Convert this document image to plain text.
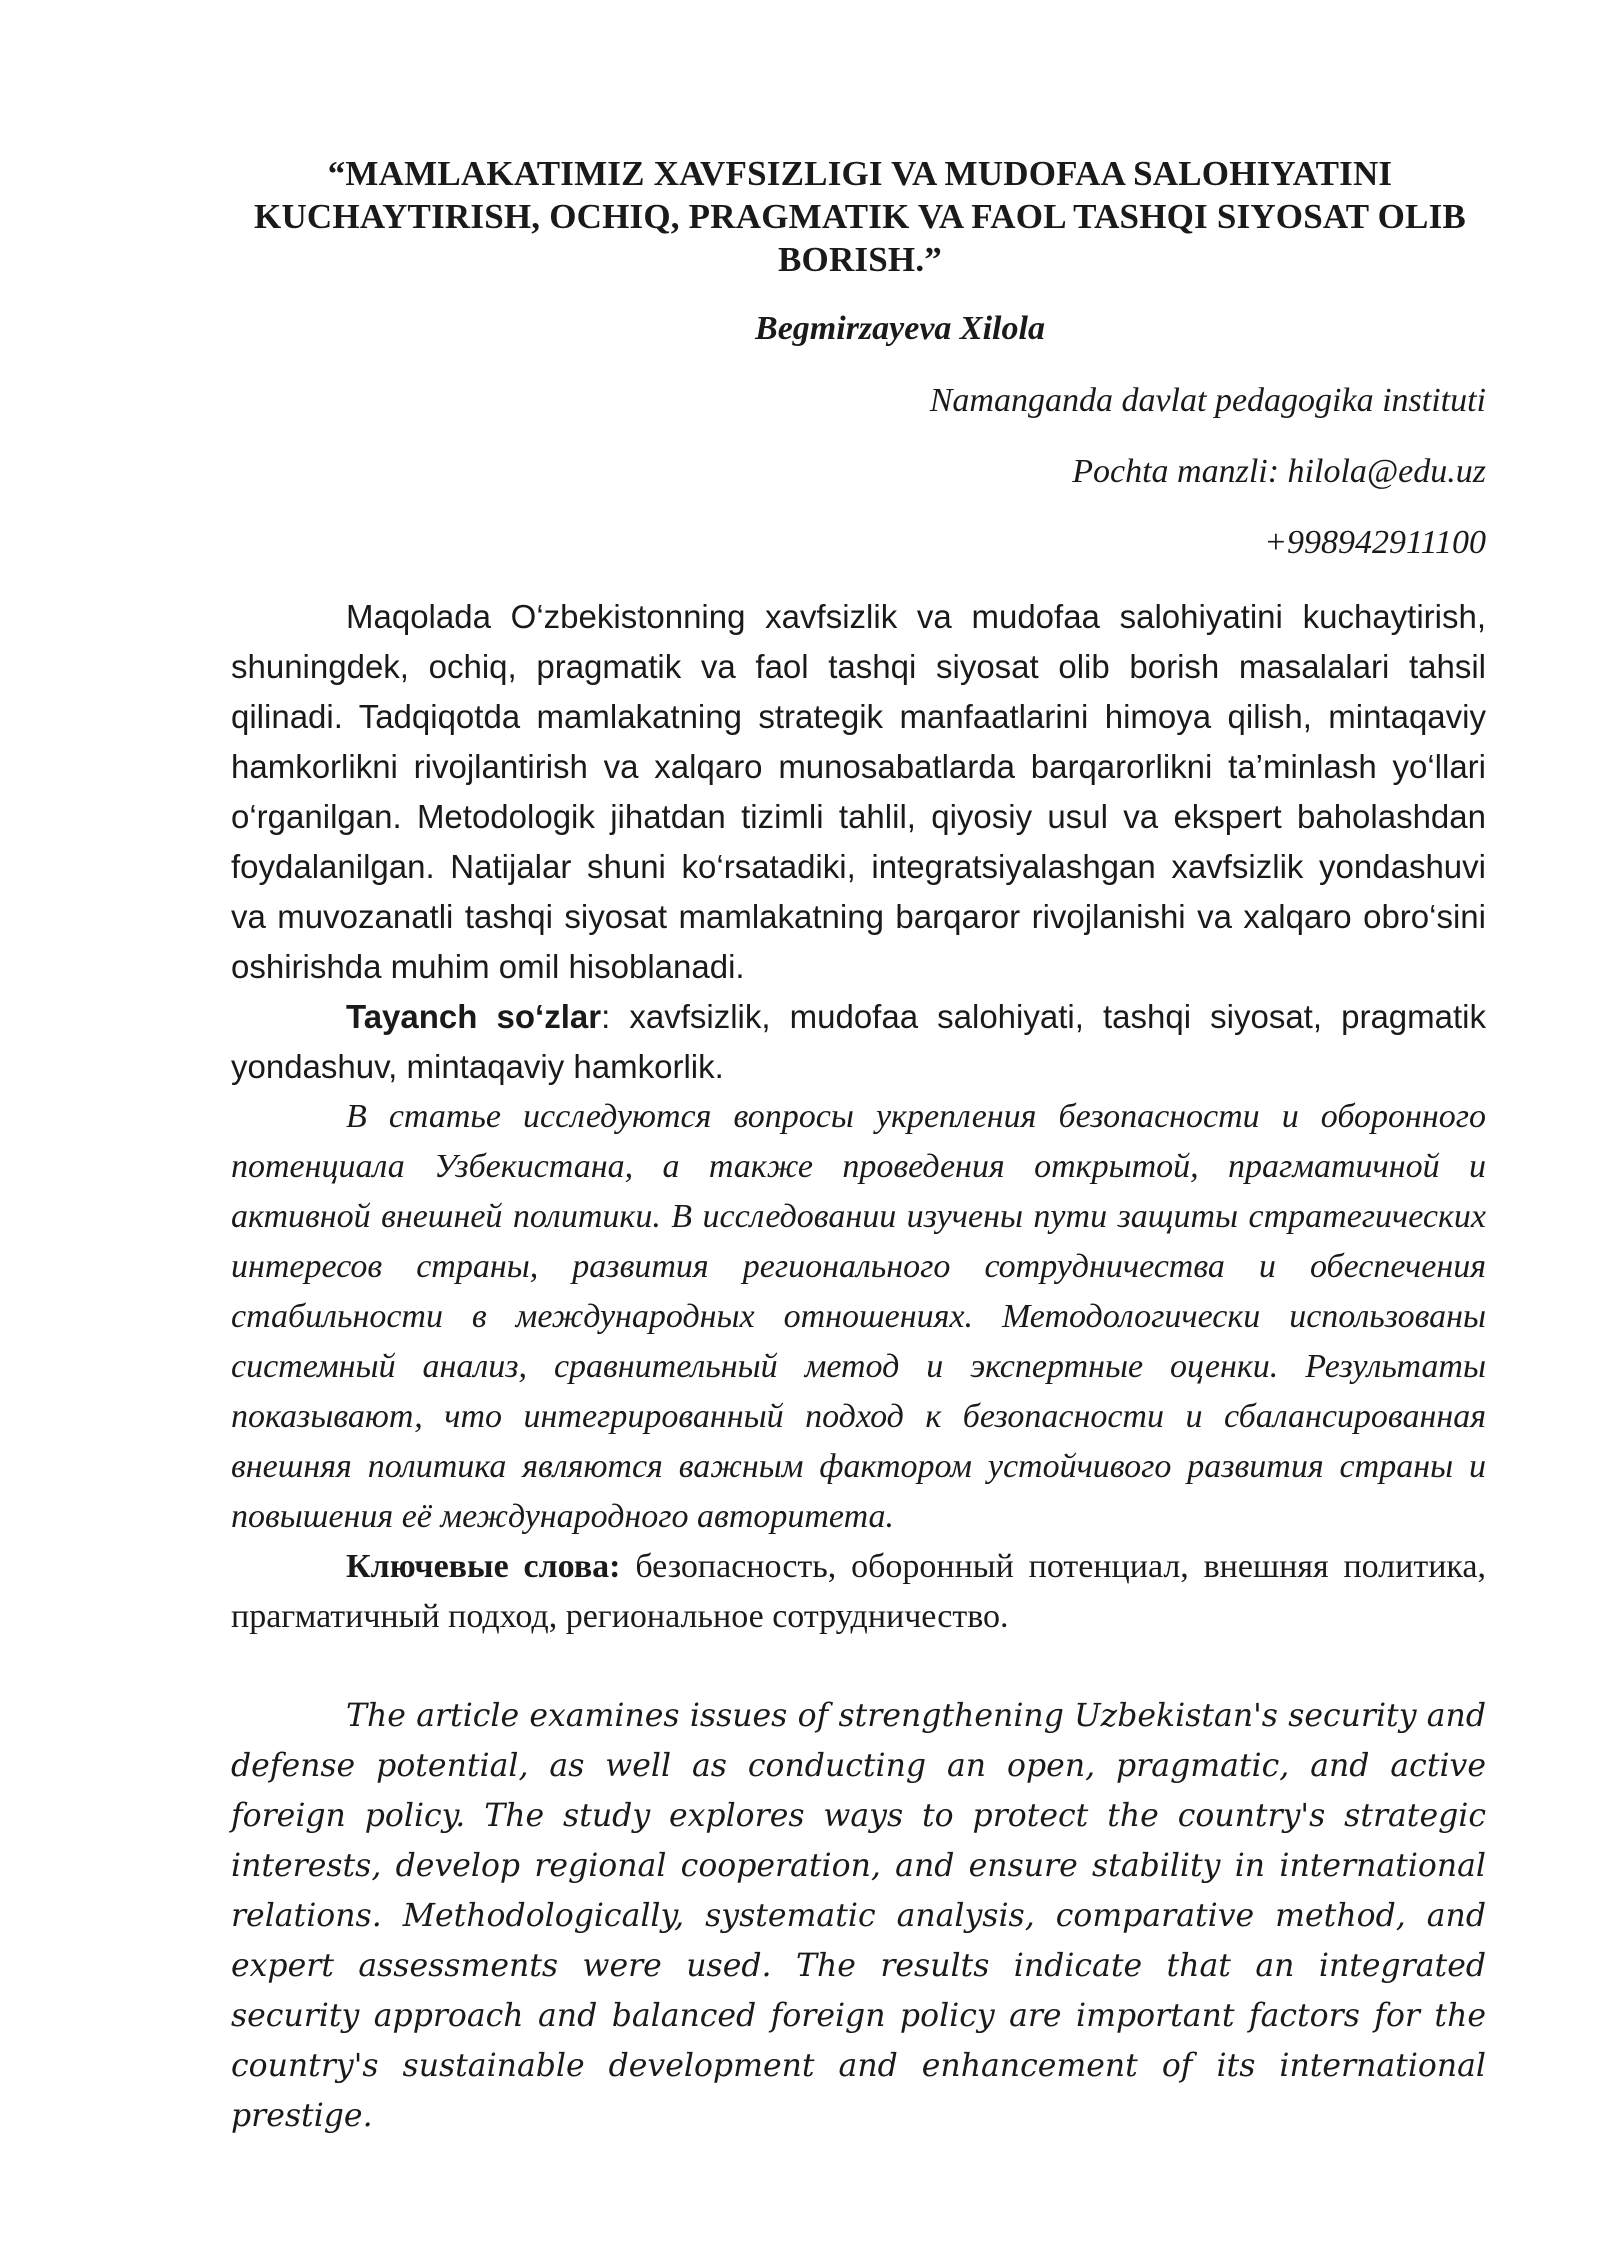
“MAMLAKATIMIZ XAVFSIZLIGI VA MUDOFAA SALOHIYATINI KUCHAYTIRISH, OCHIQ, PRAGMATIK VA FAOL TASHQI SIYOSAT OLIB BORISH.”
Begmirzayeva Xilola
Namanganda davlat pedagogika instituti
Pochta manzli: hilola@edu.uz
+998942911100

Maqolada O‘zbekistonning xavfsizlik va mudofaa salohiyatini kuchaytirish, shuningdek, ochiq, pragmatik va faol tashqi siyosat olib borish masalalari tahsil qilinadi. Tadqiqotda mamlakatning strategik manfaatlarini himoya qilish, mintaqaviy hamkorlikni rivojlantirish va xalqaro munosabatlarda barqarorlikni ta’minlash yo‘llari o‘rganilgan. Metodologik jihatdan tizimli tahlil, qiyosiy usul va ekspert baholashdan foydalanilgan. Natijalar shuni ko‘rsatadiki, integratsiyalashgan xavfsizlik yondashuvi va muvozanatli tashqi siyosat mamlakatning barqaror rivojlanishi va xalqaro obro‘sini oshirishda muhim omil hisoblanadi.

Tayanch so‘zlar: xavfsizlik, mudofaa salohiyati, tashqi siyosat, pragmatik yondashuv, mintaqaviy hamkorlik.

В статье исследуются вопросы укрепления безопасности и оборонного потенциала Узбекистана, а также проведения открытой, прагматичной и активной внешней политики. В исследовании изучены пути защиты стратегических интересов страны, развития регионального сотрудничества и обеспечения стабильности в международных отношениях. Методологически использованы системный анализ, сравнительный метод и экспертные оценки. Результаты показывают, что интегрированный подход к безопасности и сбалансированная внешняя политика являются важным фактором устойчивого развития страны и повышения её международного авторитета.

Ключевые слова: безопасность, оборонный потенциал, внешняя политика, прагматичный подход, региональное сотрудничество.

The article examines issues of strengthening Uzbekistan's security and defense potential, as well as conducting an open, pragmatic, and active foreign policy. The study explores ways to protect the country's strategic interests, develop regional cooperation, and ensure stability in international relations. Methodologically, systematic analysis, comparative method, and expert assessments were used. The results indicate that an integrated security approach and balanced foreign policy are important factors for the country's sustainable development and enhancement of its international prestige.
